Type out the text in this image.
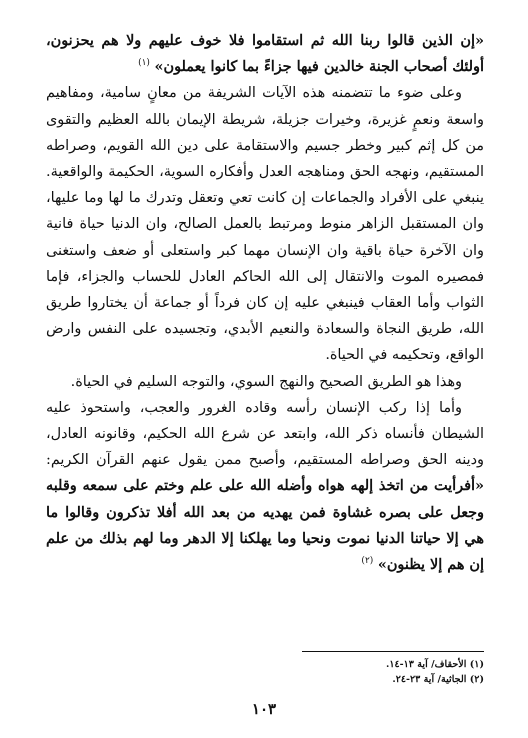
«إن الذين قالوا ربنا الله ثم استقاموا فلا خوف عليهم ولا هم يحزنون، أولئك أصحاب الجنة خالدين فيها جزاءً بما كانوا يعملون» $^{(١)}$

وعلى ضوء ما تتضمنه هذه الآيات الشريفة من معانٍ سامية، ومفاهيم واسعة ونعمٍ غزيرة، وخيرات جزيلة، شريطة الإيمان بالله العظيم والتقوى من كل إثم كبير وخطر جسيم والاستقامة على دين الله القويم، وصراطه المستقيم، ونهجه الحق ومناهجه العدل وأفكاره السوية، الحكيمة والواقعية. ينبغي على الأفراد والجماعات إن كانت تعي وتعقل وتدرك ما لها وما عليها، وان المستقبل الزاهر منوط ومرتبط بالعمل الصالح، وان الدنيا حياة فانية وان الآخرة حياة باقية وان الإنسان مهما كبر واستعلى أو ضعف واستغنى فمصيره الموت والانتقال إلى الله الحاكم العادل للحساب والجزاء، فإما الثواب وأما العقاب فينبغي عليه إن كان فرداً أو جماعة أن يختاروا طريق الله، طريق النجاة والسعادة والنعيم الأبدي، وتجسيده على النفس وارض الواقع، وتحكيمه في الحياة.

وهذا هو الطريق الصحيح والنهج السوي، والتوجه السليم في الحياة.

وأما إذا ركب الإنسان رأسه وقاده الغرور والعجب، واستحوذ عليه الشيطان فأنساه ذكر الله، وابتعد عن شرع الله الحكيم، وقانونه العادل، ودينه الحق وصراطه المستقيم، وأصبح ممن يقول عنهم القرآن الكريم: «أفرأيت من اتخذ إلهه هواه وأضله الله على علم وختم على سمعه وقلبه وجعل على بصره غشاوة فمن يهديه من بعد الله أفلا تذكرون وقالوا ما هي إلا حياتنا الدنيا نموت ونحيا وما يهلكنا إلا الدهر وما لهم بذلك من علم إن هم إلا يظنون» $^{(٢)}$

(١) الأحقاف/ آية ١٣-١٤.
(٢) الجاثية/ آية ٢٣-٢٤.
١٠٣
